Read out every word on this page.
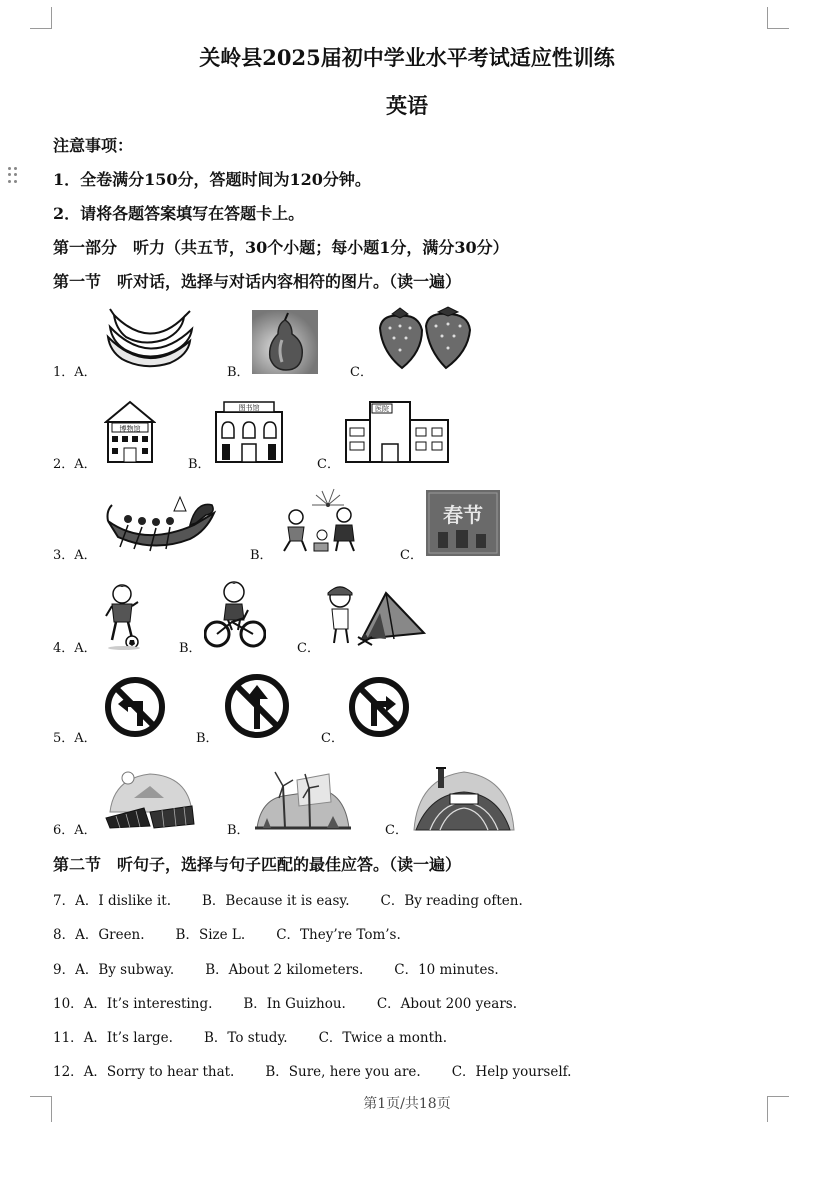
关岭县2025届初中学业水平考试适应性训练
英语
注意事项：
1．全卷满分150分，答题时间为120分钟。
2．请将各题答案填写在答题卡上。
第一部分　听力（共五节，30个小题；每小题1分，满分30分）
第一节　听对话，选择与对话内容相符的图片。（读一遍）
1．A．	B．	C．
2．A．
博物馆
B．
图书馆
C．
医院
3．A．	B．	C．
春节
4．A．	B．	C．
5．A．	B．	C．
6．A．	B．	C．
第二节　听句子，选择与句子匹配的最佳应答。（读一遍）
7．A．I dislike it. B．Because it is easy. C．By reading often.
8．A．Green. B．Size L. C．They’re Tom’s.
9．A．By subway. B．About 2 kilometers. C．10 minutes.
10．A．It’s interesting. B．In Guizhou. C．About 200 years.
11．A．It’s large. B．To study. C．Twice a month.
12．A．Sorry to hear that. B．Sure, here you are. C．Help yourself.
第1页/共18页
